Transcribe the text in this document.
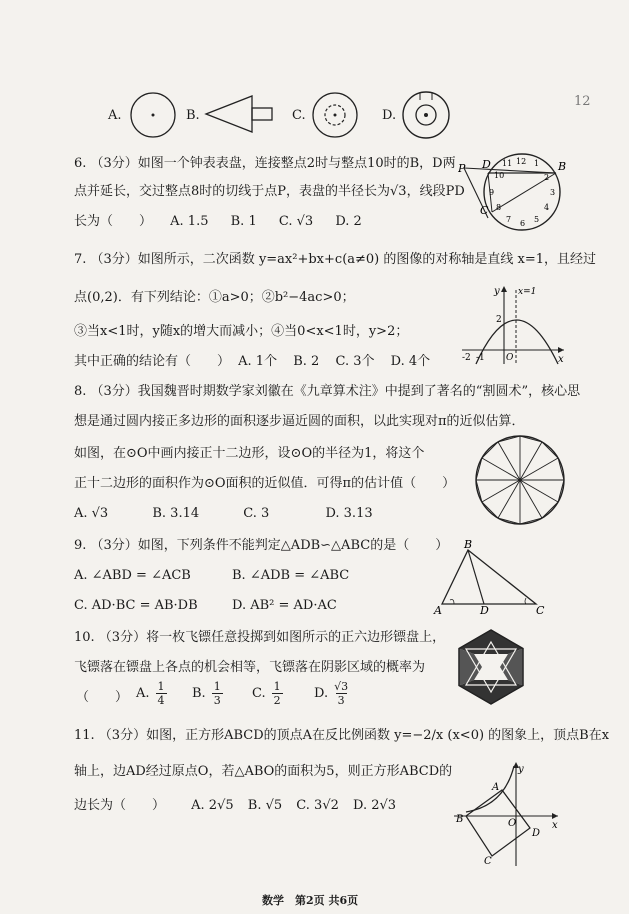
A.	B.	C.	D.
12
6. （3分）如图一个钟表表盘，连接整点2时与整点10时的B，D两
点并延长，交过整点8时的切线于点P，表盘的半径长为√3，线段PD
长为（　　） A. 1.5 B. 1 C. √3 D. 2
P D	B
C
12
11	1
10	2
9	3
8	4
7	5
6
7. （3分）如图所示，二次函数 y=ax²+bx+c(a≠0) 的图像的对称轴是直线 x=1，且经过
点(0,2)．有下列结论：①a>0；②b²−4ac>0；
③当x<1时，y随x的增大而减小；④当0<x<1时，y>2；
其中正确的结论有（　　） A. 1个 B. 2 C. 3个 D. 4个
y x=1
2
-2 -1 O	x
8. （3分）我国魏晋时期数学家刘徽在《九章算术注》中提到了著名的“割圆术”，核心思
想是通过圆内接正多边形的面积逐步逼近圆的面积，以此实现对π的近似估算．
如图，在⊙O中画内接正十二边形，设⊙O的半径为1，将这个
正十二边形的面积作为⊙O面积的近似值．可得π的估计值（　　）
A. √3	B. 3.14	C. 3	D. 3.13
9. （3分）如图，下列条件不能判定△ADB∽△ABC的是（　　）
A. ∠ABD = ∠ACB	B. ∠ADB = ∠ABC
C. AD·BC = AB·DB	D. AB² = AD·AC	A
B
C
D
10. （3分）将一枚飞镖任意投掷到如图所示的正六边形镖盘上，
飞镖落在镖盘上各点的机会相等，飞镖落在阴影区域的概率为
（　　） A. 1
4 B. 1
3 C. 1
2	D. √3
3
11. （3分）如图，正方形ABCD的顶点A在反比例函数 y=−2/x (x<0) 的图象上，顶点B在x
轴上，边AD经过原点O，若△ABO的面积为5，则正方形ABCD的
边长为（　　） A. 2√5 B. √5 C. 3√2 D. 2√3
y
x
A
B	O
D
C
数学　第2页 共6页
